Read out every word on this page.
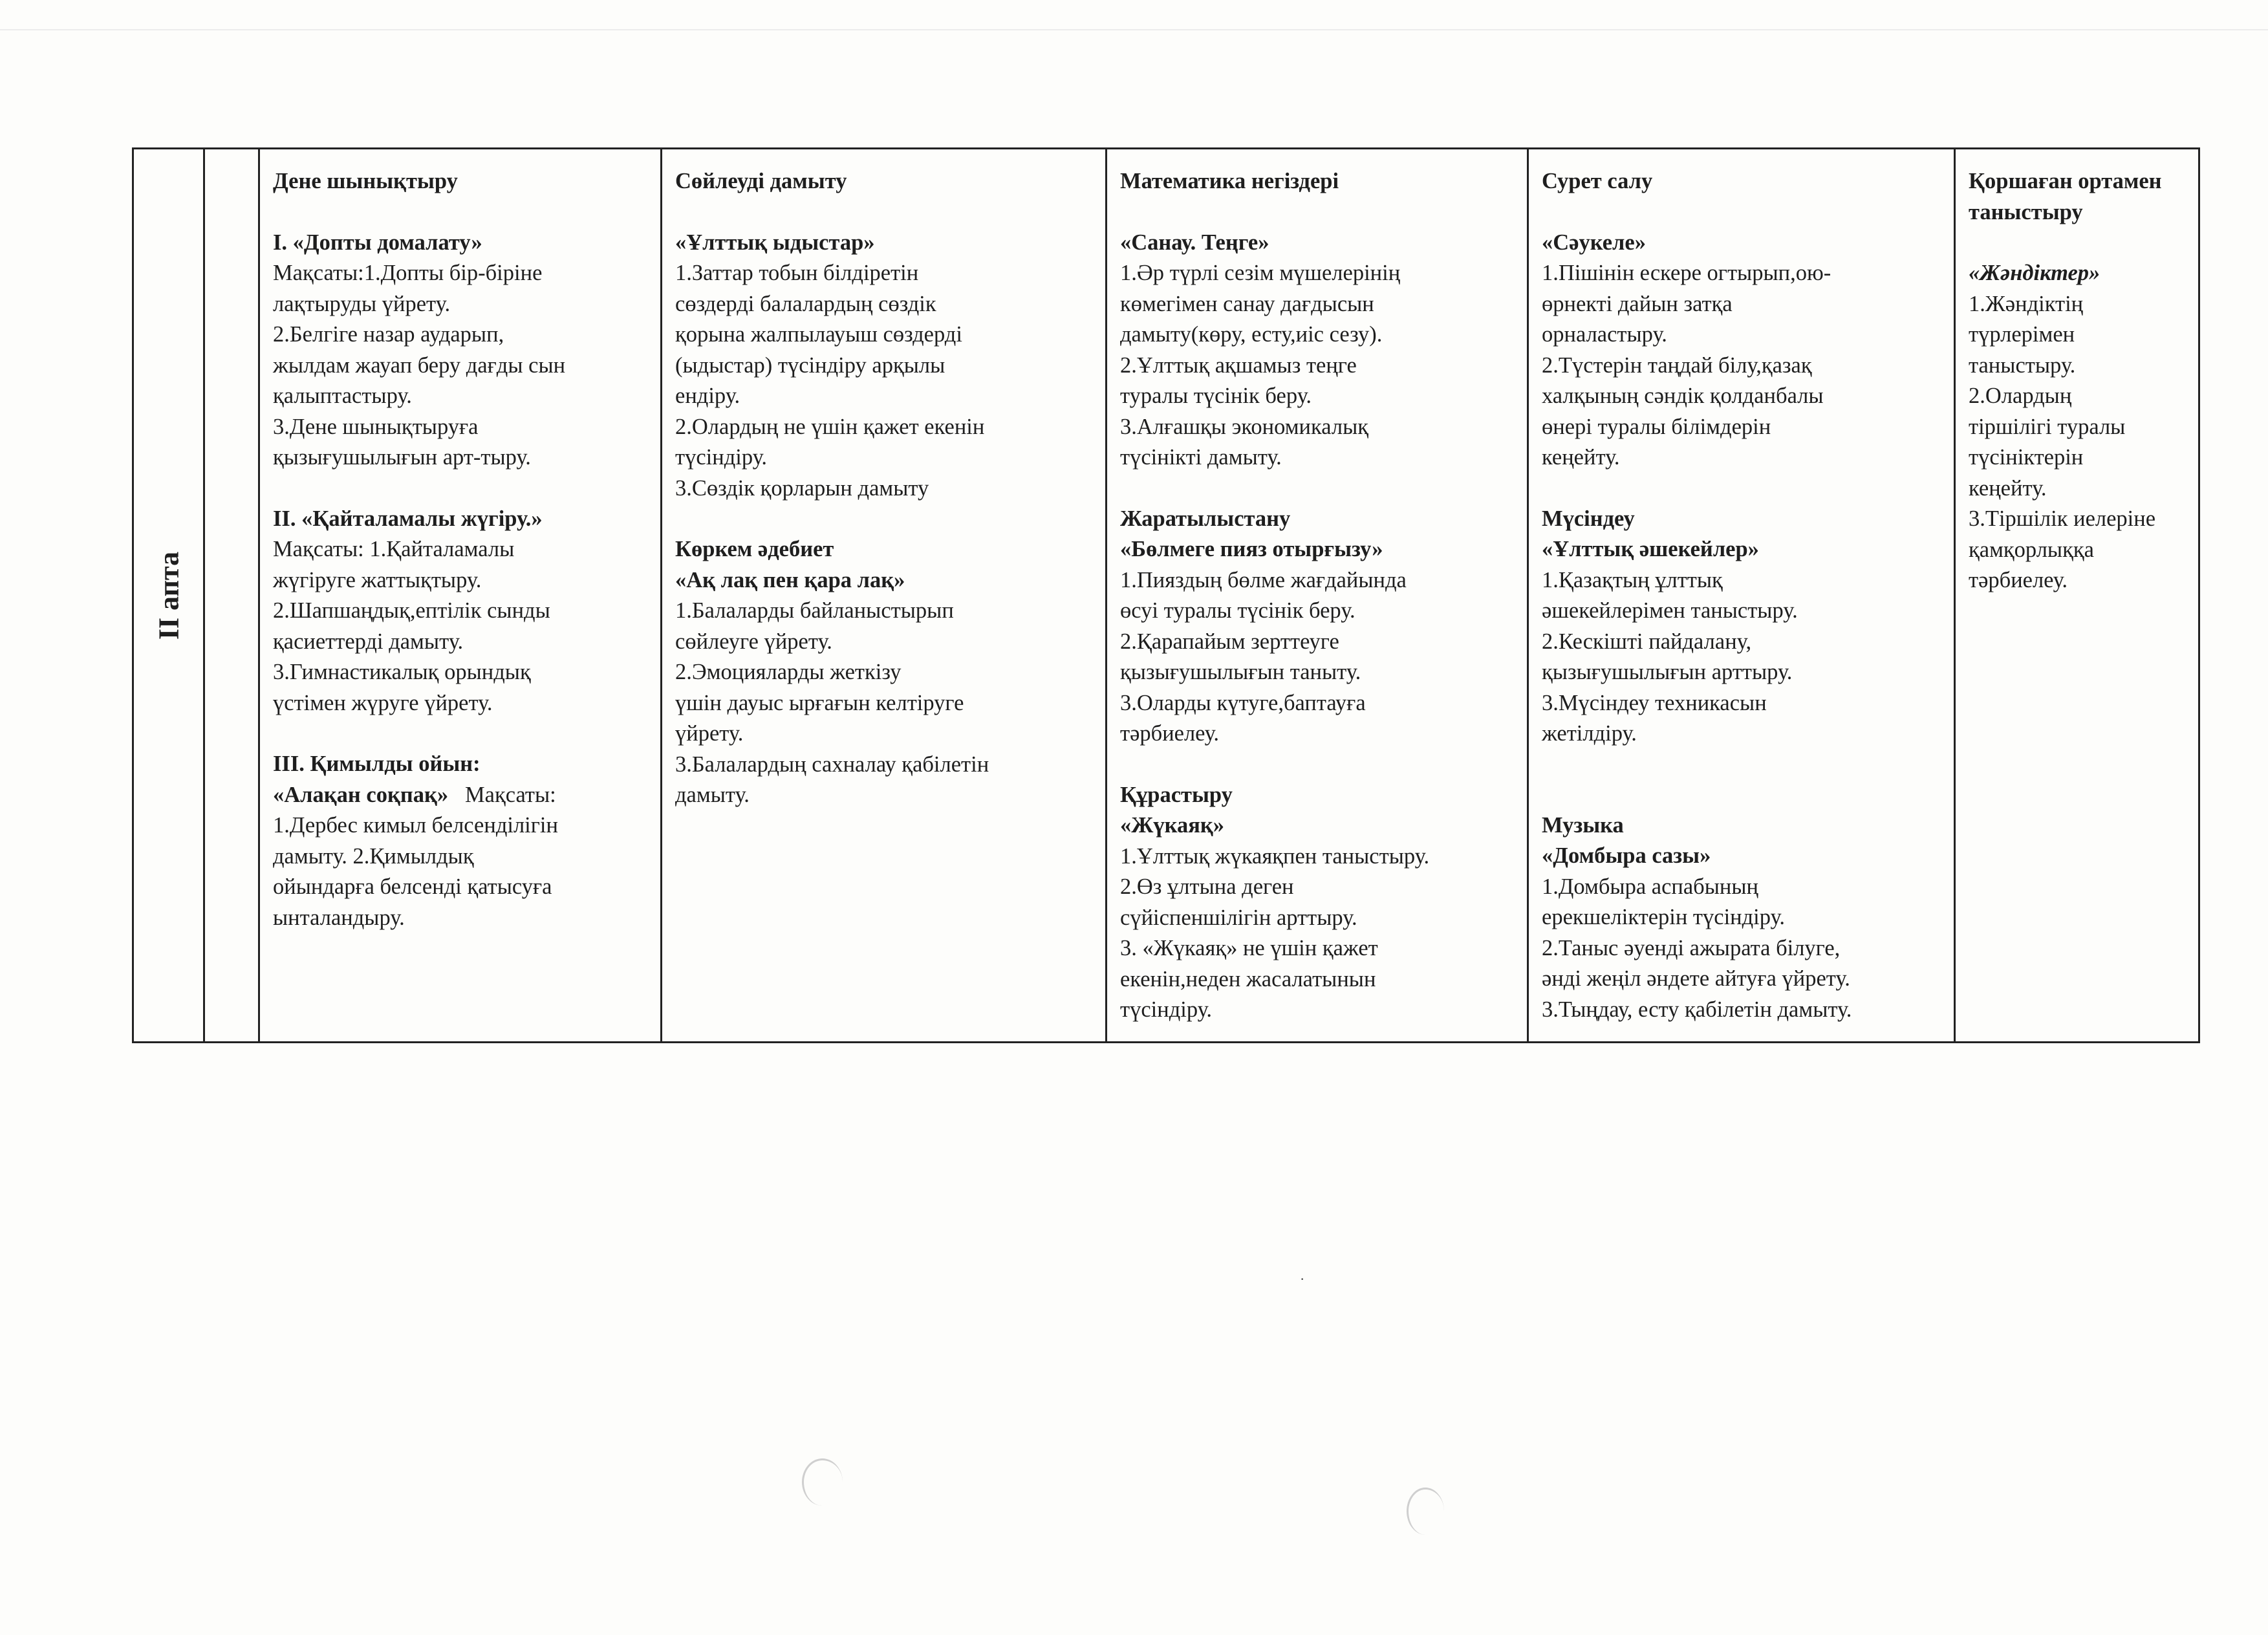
II апта

Дене шынықтыру
I. «Допты домалату»
Мақсаты:1.Допты бір-біріне
лақтыруды үйрету.
2.Белгіге назар аударып,
жылдам жауап беру дағды сын
қалыптастыру.
3.Дене шынықтыруға
қызығушылығын арт-тыру.
II. «Қайталамалы жүгіру.»
Мақсаты: 1.Қайталамалы
жүгіруге жаттықтыру.
2.Шапшаңдық,ептілік сынды
қасиеттерді дамыту.
3.Гимнастикалық орындық
үстімен жүруге үйрету.
III. Қимылды ойын:
«Алақан соқпақ»   Мақсаты:
1.Дербес кимыл белсенділігін
дамыту. 2.Қимылдық
ойындарға белсенді қатысуға
ынталандыру.

Сөйлеуді дамыту
«Ұлттық ыдыстар»
1.Заттар тобын білдіретін
сөздерді балалардың сөздік
қорына жалпылауыш сөздерді
(ыдыстар) түсіндіру арқылы
ендіру.
2.Олардың не үшін қажет екенін
түсіндіру.
3.Сөздік қорларын дамыту
Көркем әдебиет
«Ақ лақ пен қара лақ»
1.Балаларды байланыстырып
сөйлеуге үйрету.
2.Эмоцияларды жеткізу
үшін дауыс ырғағын келтіруге
үйрету.
3.Балалардың сахналау қабілетін
дамыту.

Математика негіздері
«Санау. Теңге»
1.Әр түрлі сезім мүшелерінің
көмегімен санау дағдысын
дамыту(көру, есту,иіс сезу).
2.Ұлттық ақшамыз теңге
туралы түсінік беру.
3.Алғашқы экономикалық
түсінікті дамыту.
Жаратылыстану
«Бөлмеге пияз отырғызу»
1.Пияздың бөлме жағдайында
өсуі туралы түсінік беру.
2.Қарапайым зерттеуге
қызығушылығын таныту.
3.Оларды күтуге,баптауға
тәрбиелеу.
Құрастыру
«Жүкаяқ»
1.Ұлттық жүкаяқпен таныстыру.
2.Өз ұлтына деген
сүйіспеншілігін арттыру.
3. «Жүкаяқ» не үшін қажет
екенін,неден жасалатынын
түсіндіру.

Сурет салу
«Сәукеле»
1.Пішінін ескере огтырып,ою-
өрнекті дайын затқа
орналастыру.
2.Түстерін таңдай білу,қазақ
халқының сәндік қолданбалы
өнері туралы білімдерін
кеңейту.
Мүсіндеу
«Ұлттық әшекейлер»
1.Қазақтың ұлттық
әшекейлерімен таныстыру.
2.Кескішті пайдалану,
қызығушылығын арттыру.
3.Мүсіндеу техникасын
жетілдіру.
Музыка
«Домбыра сазы»
1.Домбыра аспабының
ерекшеліктерін түсіндіру.
2.Таныс әуенді ажырата білуге,
әнді жеңіл әндете айтуға үйрету.
3.Тыңдау, есту қабілетін дамыту.

Қоршаған ортамен таныстыру
«Жәндіктер»
1.Жәндіктің
түрлерімен
таныстыру.
2.Олардың
тіршілігі туралы
түсініктерін
кеңейту.
3.Тіршілік иелеріне
қамқорлыққа
тәрбиелеу.
·
